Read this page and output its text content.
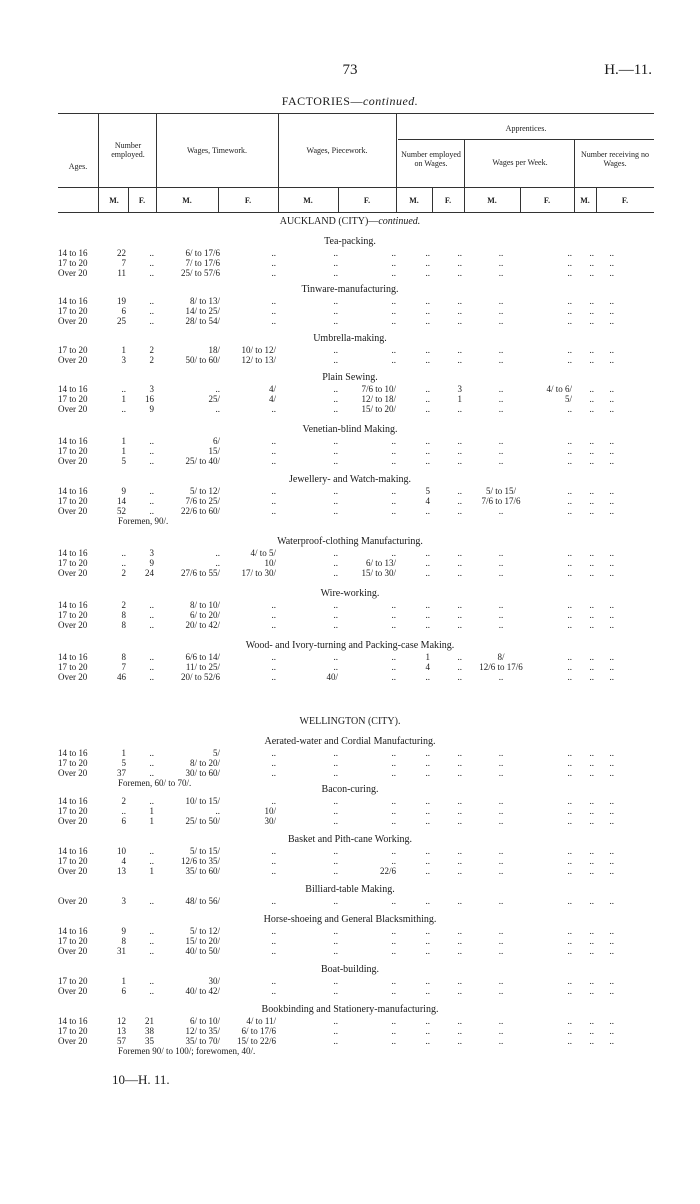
73	H.—11.
FACTORIES—continued.
Ages.
Number employed.	Wages, Timework.	Wages, Piecework.
Apprentices.
Number employed on Wages.	Wages per Week.
Number receiving no Wages.
M.	F.	M.	F.	M.	F.	M.	F.	M.	F.	M.	F.
AUCKLAND (CITY)—continued.
WELLINGTON (CITY).
Tea-packing.
14 to 16	22	..	6/ to 17/6	..	..	..	..	..	..	..	..	..
17 to 20	7	..	7/ to 17/6	..	..	..	..	..	..	..	..	..
Over 20	11	..	25/ to 57/6	..	..	..	..	..	..	..	..	..
Tinware-manufacturing.
14 to 16	19	..	8/ to 13/	..	..	..	..	..	..	..	..	..
17 to 20	6	..	14/ to 25/	..	..	..	..	..	..	..	..	..
Over 20	25	..	28/ to 54/	..	..	..	..	..	..	..	..	..
Umbrella-making.
17 to 20	1	2	18/	10/ to 12/	..	..	..	..	..	..	..	..
Over 20	3	2	50/ to 60/	12/ to 13/	..	..	..	..	..	..	..	..
Plain Sewing.
14 to 16	..	3	..	4/	..	7/6 to 10/	..	3	..	4/ to 6/	..	..
17 to 20	1	16	25/	4/	..	12/ to 18/	..	1	..	5/	..	..
Over 20	..	9	..	..	..	15/ to 20/	..	..	..	..	..	..
Venetian-blind Making.
14 to 16	1	..	6/	..	..	..	..	..	..	..	..	..
17 to 20	1	..	15/	..	..	..	..	..	..	..	..	..
Over 20	5	..	25/ to 40/	..	..	..	..	..	..	..	..	..
Jewellery- and Watch-making.
14 to 16	9	..	5/ to 12/	..	..	..	5	..	5/ to 15/	..	..	..
17 to 20	14	..	7/6 to 25/	..	..	..	4	..	7/6 to 17/6	..	..	..
Over 20	52	..	22/6 to 60/	..	..	..	..	..	..	..	..	..
Foremen, 90/.
Waterproof-clothing Manufacturing.
14 to 16	..	3	..	4/ to 5/	..	..	..	..	..	..	..	..
17 to 20	..	9	..	10/	..	6/ to 13/	..	..	..	..	..	..
Over 20	2	24	27/6 to 55/	17/ to 30/	..	15/ to 30/	..	..	..	..	..	..
Wire-working.
14 to 16	2	..	8/ to 10/	..	..	..	..	..	..	..	..	..
17 to 20	8	..	6/ to 20/	..	..	..	..	..	..	..	..	..
Over 20	8	..	20/ to 42/	..	..	..	..	..	..	..	..	..
Wood- and Ivory-turning and Packing-case Making.
14 to 16	8	..	6/6 to 14/	..	..	..	1	..	8/	..	..	..
17 to 20	7	..	11/ to 25/	..	..	..	4	..	12/6 to 17/6	..	..	..
Over 20	46	..	20/ to 52/6	..	40/	..	..	..	..	..	..	..
Aerated-water and Cordial Manufacturing.
14 to 16	1	..	5/	..	..	..	..	..	..	..	..	..
17 to 20	5	..	8/ to 20/	..	..	..	..	..	..	..	..	..
Over 20	37	..	30/ to 60/	..	..	..	..	..	..	..	..	..
Foremen, 60/ to 70/.
Bacon-curing.
14 to 16	2	..	10/ to 15/	..	..	..	..	..	..	..	..	..
17 to 20	..	1	..	10/	..	..	..	..	..	..	..	..
Over 20	6	1	25/ to 50/	30/	..	..	..	..	..	..	..	..
Basket and Pith-cane Working.
14 to 16	10	..	5/ to 15/	..	..	..	..	..	..	..	..	..
17 to 20	4	..	12/6 to 35/	..	..	..	..	..	..	..	..	..
Over 20	13	1	35/ to 60/	..	..	22/6	..	..	..	..	..	..
Billiard-table Making.
Over 20	3	..	48/ to 56/	..	..	..	..	..	..	..	..	..
Horse-shoeing and General Blacksmithing.
14 to 16	9	..	5/ to 12/	..	..	..	..	..	..	..	..	..
17 to 20	8	..	15/ to 20/	..	..	..	..	..	..	..	..	..
Over 20	31	..	40/ to 50/	..	..	..	..	..	..	..	..	..
Boat-building.
17 to 20	1	..	30/	..	..	..	..	..	..	..	..	..
Over 20	6	..	40/ to 42/	..	..	..	..	..	..	..	..	..
Bookbinding and Stationery-manufacturing.
14 to 16	12	21	6/ to 10/	4/ to 11/	..	..	..	..	..	..	..	..
17 to 20	13	38	12/ to 35/	6/ to 17/6	..	..	..	..	..	..	..	..
Over 20	57	35	35/ to 70/	15/ to 22/6	..	..	..	..	..	..	..	..
Foremen 90/ to 100/; forewomen, 40/.
10—H. 11.
